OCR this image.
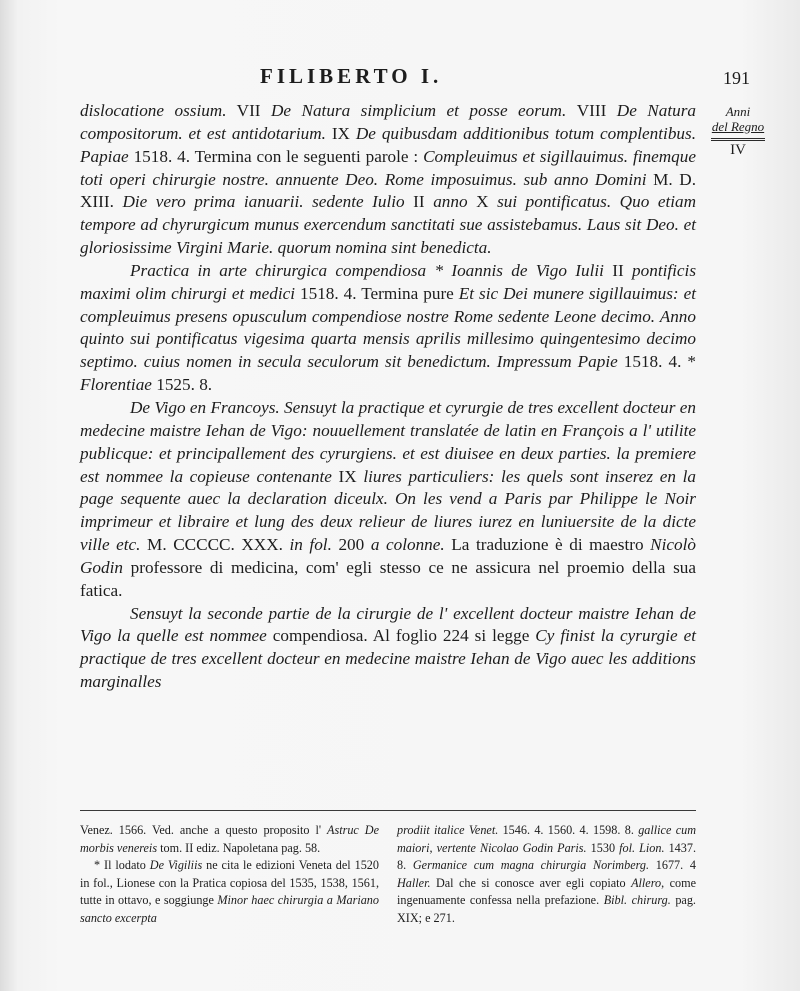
FILIBERTO I.	191
Anni
del Regno
IV

dislocatione ossium. VII De Natura simplicium et posse eorum. VIII De Natura compositorum. et est antidotarium. IX De quibusdam additionibus totum complentibus. Papiae 1518. 4. Termina con le seguenti parole : Compleuimus et sigillauimus. finemque toti operi chirurgie nostre. annuente Deo. Rome imposuimus. sub anno Domini M. D. XIII. Die vero prima ianuarii. sedente Iulio II anno X sui pontificatus. Quo etiam tempore ad chyrurgicum munus exercendum sanctitati sue assistebamus. Laus sit Deo. et gloriosissime Virgini Marie. quorum nomina sint benedicta.

Practica in arte chirurgica compendiosa * Ioannis de Vigo Iulii II pontificis maximi olim chirurgi et medici 1518. 4. Termina pure Et sic Dei munere sigillauimus: et compleuimus presens opusculum compendiose nostre Rome sedente Leone decimo. Anno quinto sui pontificatus vigesima quarta mensis aprilis millesimo quingentesimo decimo septimo. cuius nomen in secula seculorum sit benedictum. Impressum Papie 1518. 4. * Florentiae 1525. 8.

De Vigo en Francoys. Sensuyt la practique et cyrurgie de tres excellent docteur en medecine maistre Iehan de Vigo: nouuellement translatée de latin en François a l' utilite publicque: et principallement des cyrurgiens. et est diuisee en deux parties. la premiere est nommee la copieuse contenante IX liures particuliers: les quels sont inserez en la page sequente auec la declaration diceulx. On les vend a Paris par Philippe le Noir imprimeur et libraire et lung des deux relieur de liures iurez en luniuersite de la dicte ville etc. M. CCCCC. XXX. in fol. 200 a colonne. La traduzione è di maestro Nicolò Godin professore di medicina, com' egli stesso ce ne assicura nel proemio della sua fatica.

Sensuyt la seconde partie de la cirurgie de l' excellent docteur maistre Iehan de Vigo la quelle est nommee compendiosa. Al foglio 224 si legge Cy finist la cyrurgie et practique de tres excellent docteur en medecine maistre Iehan de Vigo auec les additions marginalles

Venez. 1566. Ved. anche a questo proposito l' Astruc De morbis venereis tom. II ediz. Napoletana pag. 58.

* Il lodato De Vigiliis ne cita le edizioni Veneta del 1520 in fol., Lionese con la Pratica copiosa del 1535, 1538, 1561, tutte in ottavo, e soggiunge Minor haec chirurgia a Mariano sancto excerpta

prodiit italice Venet. 1546. 4. 1560. 4. 1598. 8. gallice cum maiori, vertente Nicolao Godin Paris. 1530 fol. Lion. 1437. 8. Germanice cum magna chirurgia Norimberg. 1677. 4 Haller. Dal che si conosce aver egli copiato Allero, come ingenuamente confessa nella prefazione. Bibl. chirurg. pag. XIX; e 271.
